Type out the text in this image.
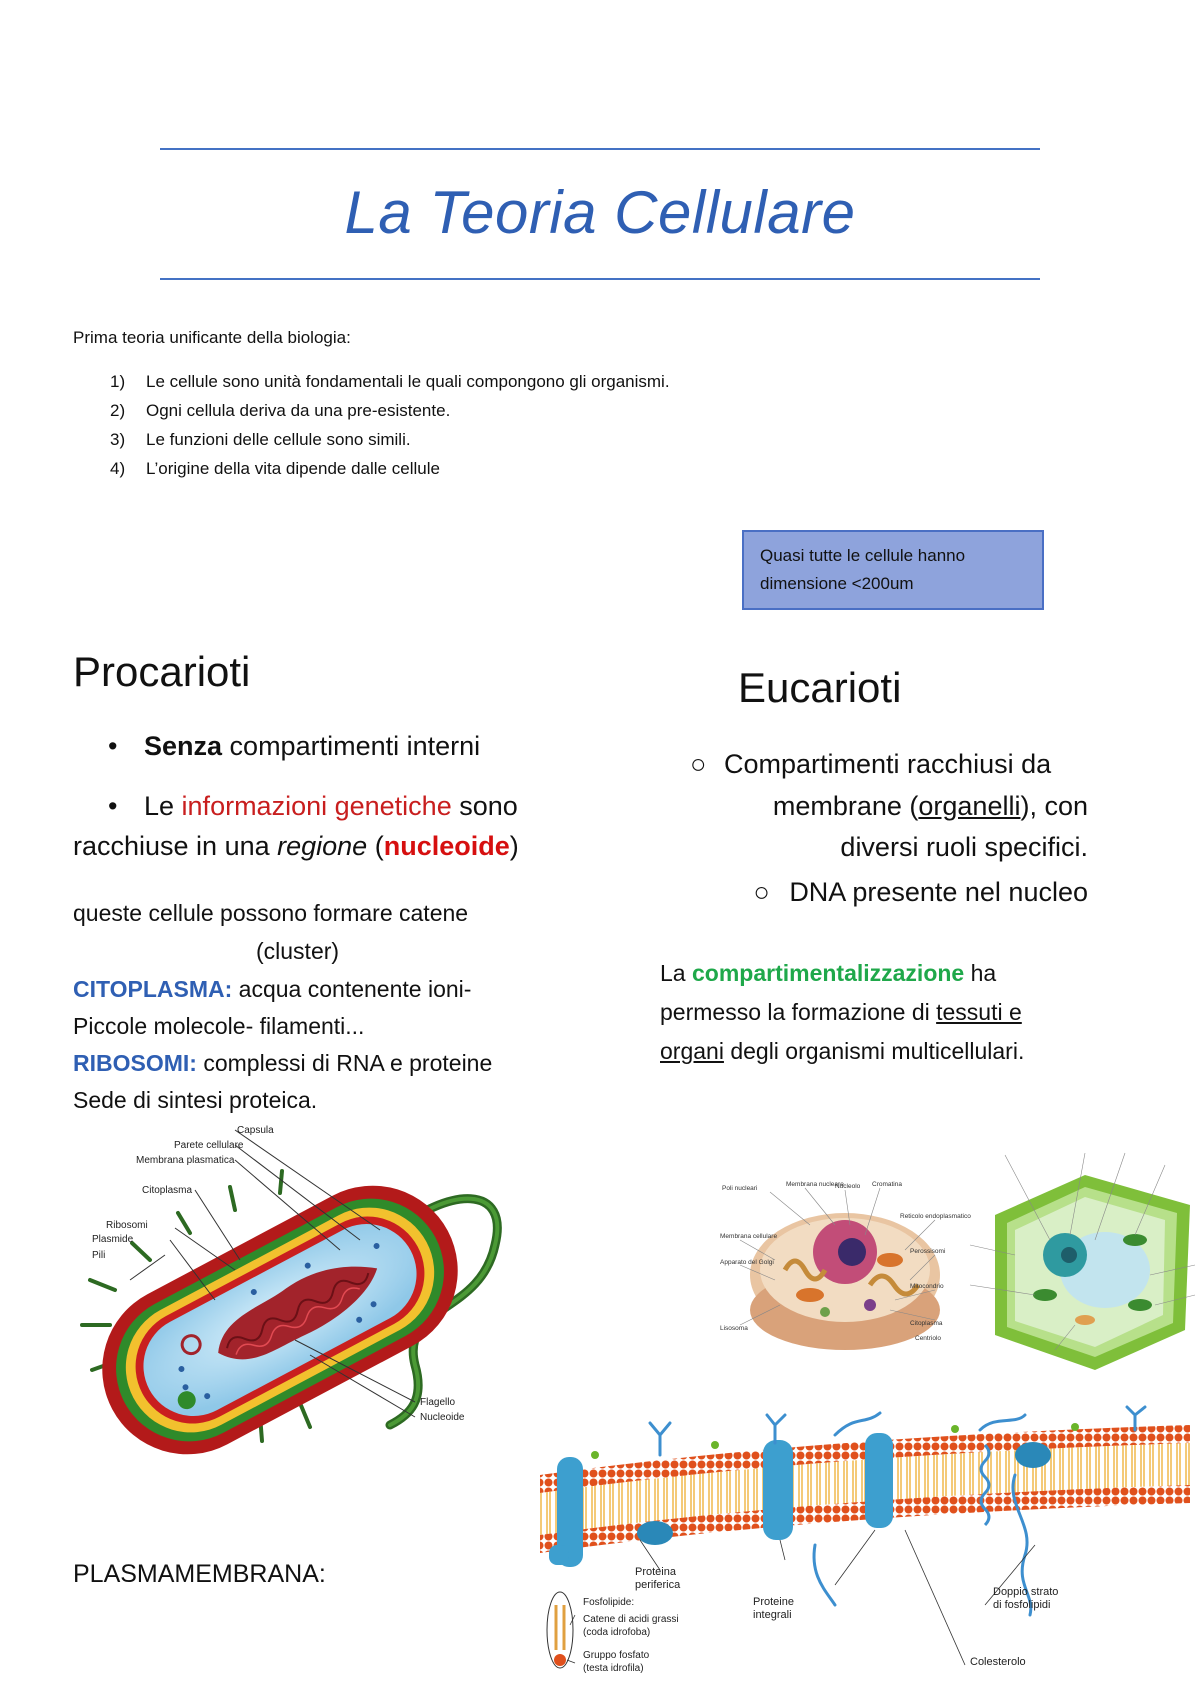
La Teoria Cellulare
Prima teoria unificante della biologia:
1) Le cellule sono unità fondamentali le quali compongono gli organismi.
2) Ogni cellula deriva da una pre-esistente.
3) Le funzioni delle cellule sono simili.
4) L’origine della vita dipende dalle cellule
Quasi tutte le cellule hanno dimensione <200um
Procarioti
• Senza compartimenti interni
• Le informazioni genetiche sono
racchiuse in una regione (nucleoide)
queste cellule possono formare catene
(cluster)
CITOPLASMA: acqua contenente ioni-
Piccole molecole- filamenti...
RIBOSOMI: complessi di RNA e proteine
Sede di sintesi proteica.
Eucarioti
○ Compartimenti racchiusi da
membrane (organelli), con
diversi ruoli specifici.
○ DNA presente nel nucleo
La compartimentalizzazione ha
permesso la formazione di tessuti e
organi degli organismi multicellulari.
Capsula
Parete cellulare
Membrana plasmatica
Citoplasma
Ribosomi
Plasmide
Pili
Flagello
Nucleoide
Poli nucleari
Membrana nucleare
Nucleolo Cromatina
Membrana cellulare
Apparato del Golgi
Lisosoma
Reticolo endoplasmatico
Perossisomi
Mitocondrio
Citoplasma
Centriolo
PLASMAMEMBRANA:	Proteina
periferica
Proteine
integrali
Doppio strato
di fosfolipidi
Colesterolo
Fosfolipide:
Catene di acidi grassi
(coda idrofoba)
Gruppo fosfato
(testa idrofila)
